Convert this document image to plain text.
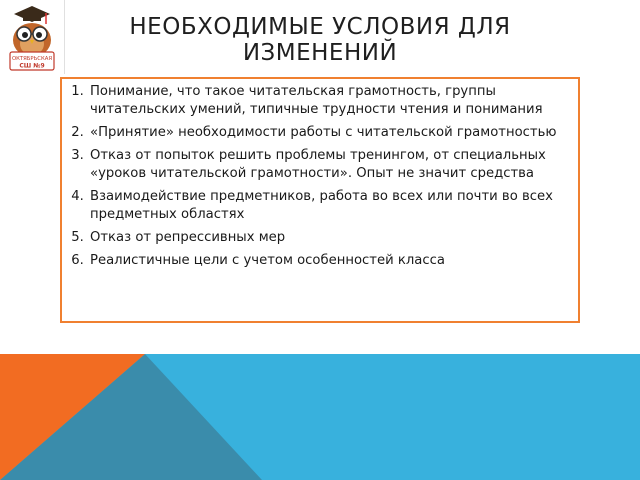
ОКТЯБРЬСКАЯ
СШ №9
НЕОБХОДИМЫЕ УСЛОВИЯ ДЛЯ ИЗМЕНЕНИЙ
1. Понимание, что такое читательская грамотность, группы читательских умений, типичные трудности чтения и понимания
2. «Принятие» необходимости работы с читательской грамотностью
3. Отказ от попыток решить проблемы тренингом, от специальных «уроков читательской грамотности». Опыт не значит средства
4. Взаимодействие предметников, работа во всех или почти во всех предметных областях
5. Отказ от репрессивных мер
6. Реалистичные цели с учетом особенностей класса
